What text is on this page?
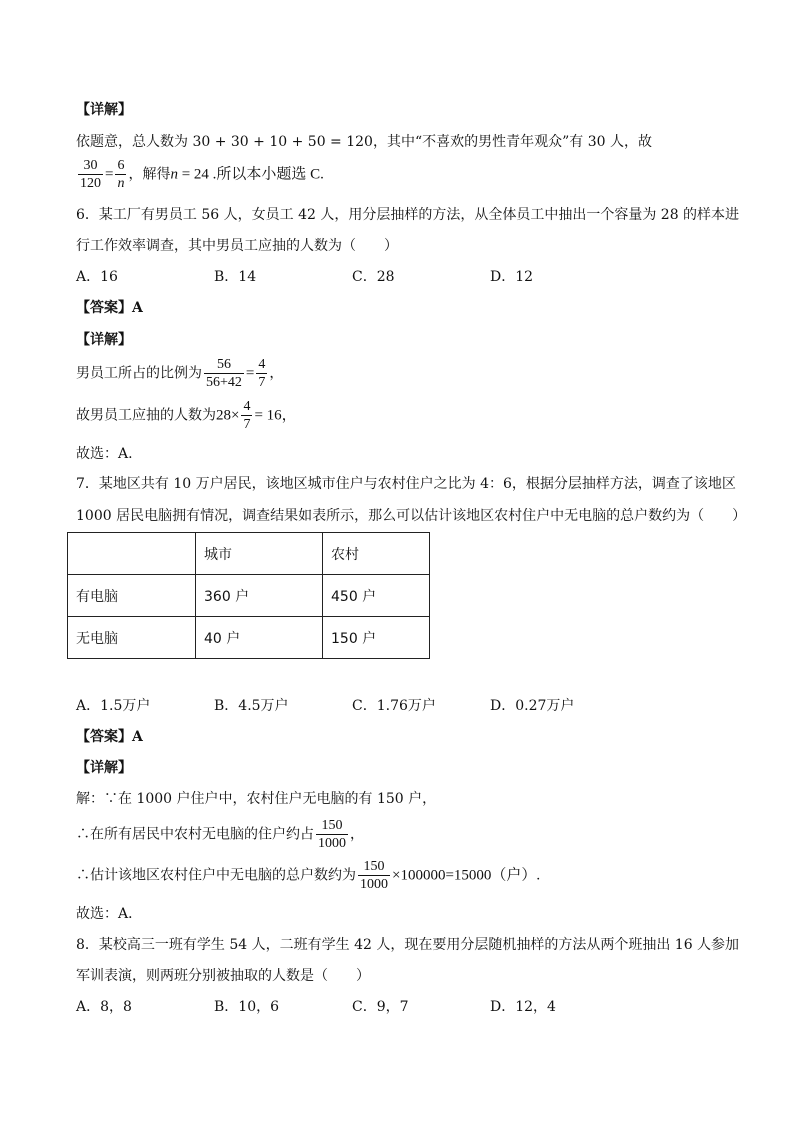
【详解】
依题意，总人数为 30 + 30 + 10 + 50 = 120，其中“不喜欢的男性青年观众”有 30 人，故
$\frac{30}{120} = \frac{6}{n}$ ，解得n = 24 .所以本小题选 C.
6．某工厂有男员工 56 人，女员工 42 人，用分层抽样的方法，从全体员工中抽出一个容量为 28 的样本进
行工作效率调查，其中男员工应抽的人数为（　　）
A．16	B．14	C．28	D．12
【答案】A
【详解】
男员工所占的比例为 $\frac{56}{56+42} = \frac{4}{7}$ ，
故男员工应抽的人数为$28\times \frac{4}{7} = 16$，
故选：A.
7．某地区共有 10 万户居民，该地区城市住户与农村住户之比为 4：6，根据分层抽样方法，调查了该地区
1000 居民电脑拥有情况，调查结果如表所示，那么可以估计该地区农村住户中无电脑的总户数约为（　　）
	城市	农村
有电脑	360 户	450 户
无电脑	40 户	150 户
A．1.5万户	B．4.5万户	C．1.76万户	D．0.27万户
【答案】A
【详解】
解：∵在 1000 户住户中，农村住户无电脑的有 150 户，
∴在所有居民中农村无电脑的住户约占 $\frac{150}{1000}$ ，
∴估计该地区农村住户中无电脑的总户数约为 $\frac{150}{1000} \times 100000=15000$（户）.
故选：A．
8．某校高三一班有学生 54 人，二班有学生 42 人，现在要用分层随机抽样的方法从两个班抽出 16 人参加
军训表演，则两班分别被抽取的人数是（　　）
A．8，8	B．10，6	C．9，7	D．12，4
